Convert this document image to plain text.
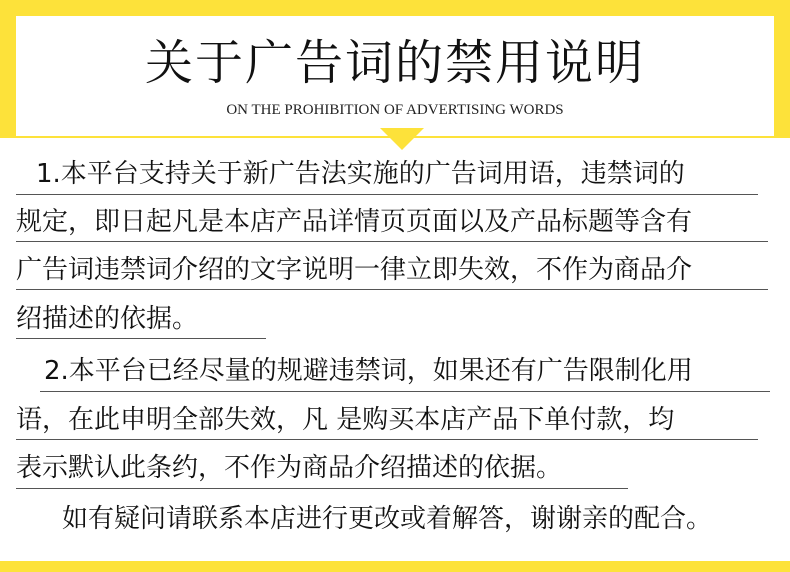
关于广告词的禁用说明
ON THE PROHIBITION OF ADVERTISING WORDS
1.本平台支持关于新广告法实施的广告词用语，违禁词的
规定，即日起凡是本店产品详情页页面以及产品标题等含有
广告词违禁词介绍的文字说明一律立即失效，不作为商品介
绍描述的依据。
2.本平台已经尽量的规避违禁词，如果还有广告限制化用
语，在此申明全部失效，凡 是购买本店产品下单付款，均
表示默认此条约，不作为商品介绍描述的依据。
如有疑问请联系本店进行更改或着解答，谢谢亲的配合。
